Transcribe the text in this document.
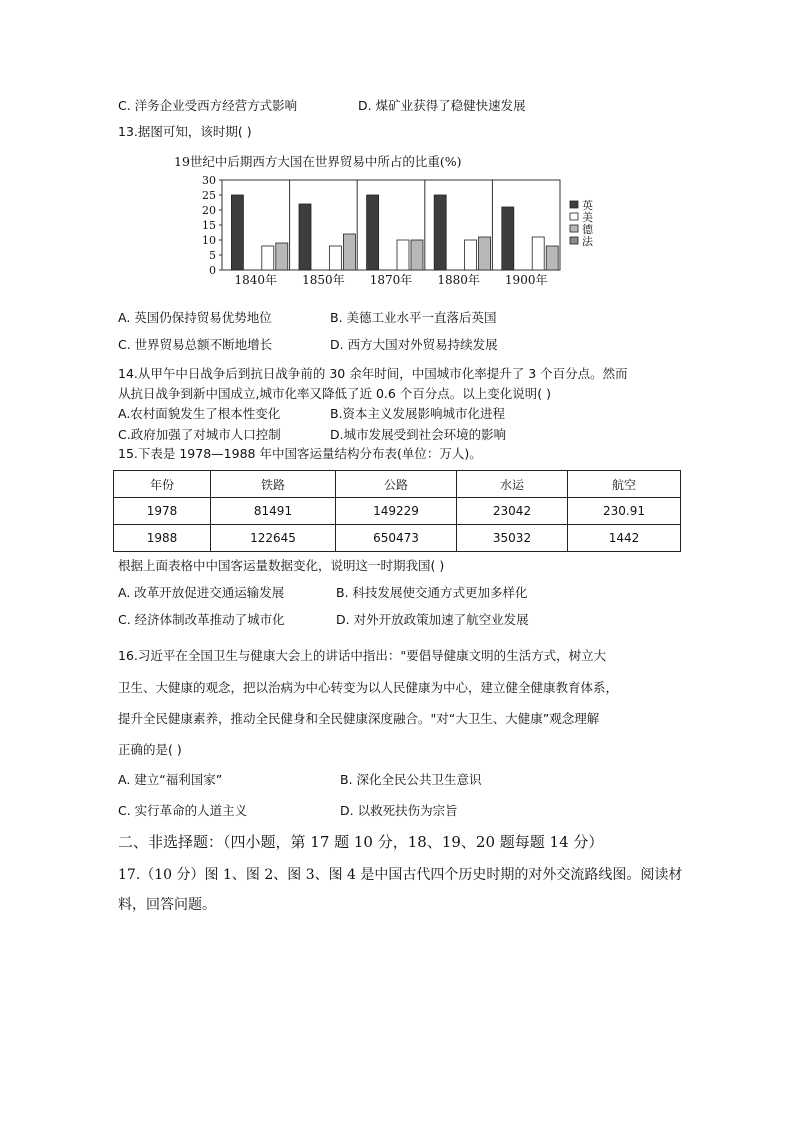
C. 洋务企业受西方经营方式影响	D. 煤矿业获得了稳健快速发展
13.据图可知，该时期( )
19世纪中后期西方大国在世界贸易中所占的比重(%)
0
5
10
15
20
25
30
1840年 1850年 1870年 1880年 1900年
英
美
德
法
A. 英国仍保持贸易优势地位	B. 美德工业水平一直落后英国
C. 世界贸易总额不断地增长	D. 西方大国对外贸易持续发展
14.从甲午中日战争后到抗日战争前的 30 余年时间，中国城市化率提升了 3 个百分点。然而
从抗日战争到新中国成立,城市化率又降低了近 0.6 个百分点。以上变化说明( )
A.农村面貌发生了根本性变化	B.资本主义发展影响城市化进程
C.政府加强了对城市人口控制	D.城市发展受到社会环境的影响
15.下表是 1978—1988 年中国客运量结构分布表(单位：万人)。
年份	铁路	公路	水运	航空
1978	81491	149229	23042	230.91
1988	122645	650473	35032	1442
根据上面表格中中国客运量数据变化，说明这一时期我国( )
A. 改革开放促进交通运输发展	B. 科技发展使交通方式更加多样化
C. 经济体制改革推动了城市化	D. 对外开放政策加速了航空业发展
16.习近平在全国卫生与健康大会上的讲话中指出："要倡导健康文明的生活方式，树立大
卫生、大健康的观念，把以治病为中心转变为以人民健康为中心，建立健全健康教育体系，
提升全民健康素养，推动全民健身和全民健康深度融合。"对“大卫生、大健康”观念理解
正确的是( )
A. 建立“福利国家”	B. 深化全民公共卫生意识
C. 实行革命的人道主义	D. 以救死扶伤为宗旨
二、非选择题：（四小题，第 17 题 10 分，18、19、20 题每题 14 分）
17.（10 分）图 1、图 2、图 3、图 4 是中国古代四个历史时期的对外交流路线图。阅读材
料，回答问题。
